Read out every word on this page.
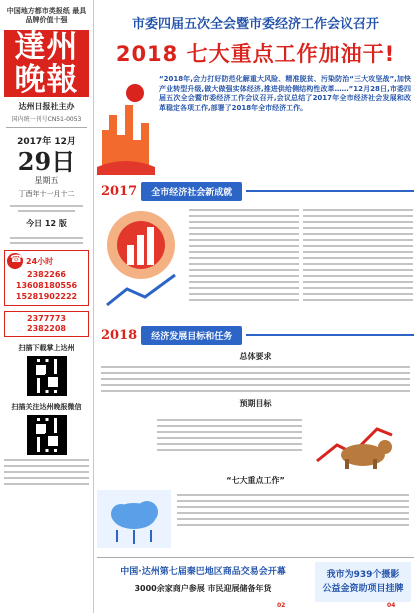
中国地方都市类报纸 最具品牌价值十强
達州晚報
达州日报社主办
国内统一刊号CN51-0053
2017年 12月
29日
星期五
丁酉年十一月十二
今日 12 版
☎
24小时
2382266
13608180556
15281902222
2377773
2382208
扫描下载掌上达州
扫描关注达州晚报微信
市委四届五次全会暨市委经济工作会议召开
2018 七大重点工作加油干!
“2018年,会力打好防范化解重大风险、精准脱贫、污染防治“三大攻坚战”,加快产业转型升级,做大做强实体经济,推进供给侧结构性改革……”12月28日,市委四届五次全会暨市委经济工作会议召开,会议总结了2017年全市经济社会发展和改革稳定各项工作,部署了2018年全市经济工作。
2017	全市经济社会新成就
2018	经济发展目标和任务
总体要求
预期目标
“七大重点工作”
中国·达州第七届秦巴地区商品交易会开幕
3000余家商户参展 市民迎展储备年货
我市为939个摄影
公益金资助项目挂牌
02	04
